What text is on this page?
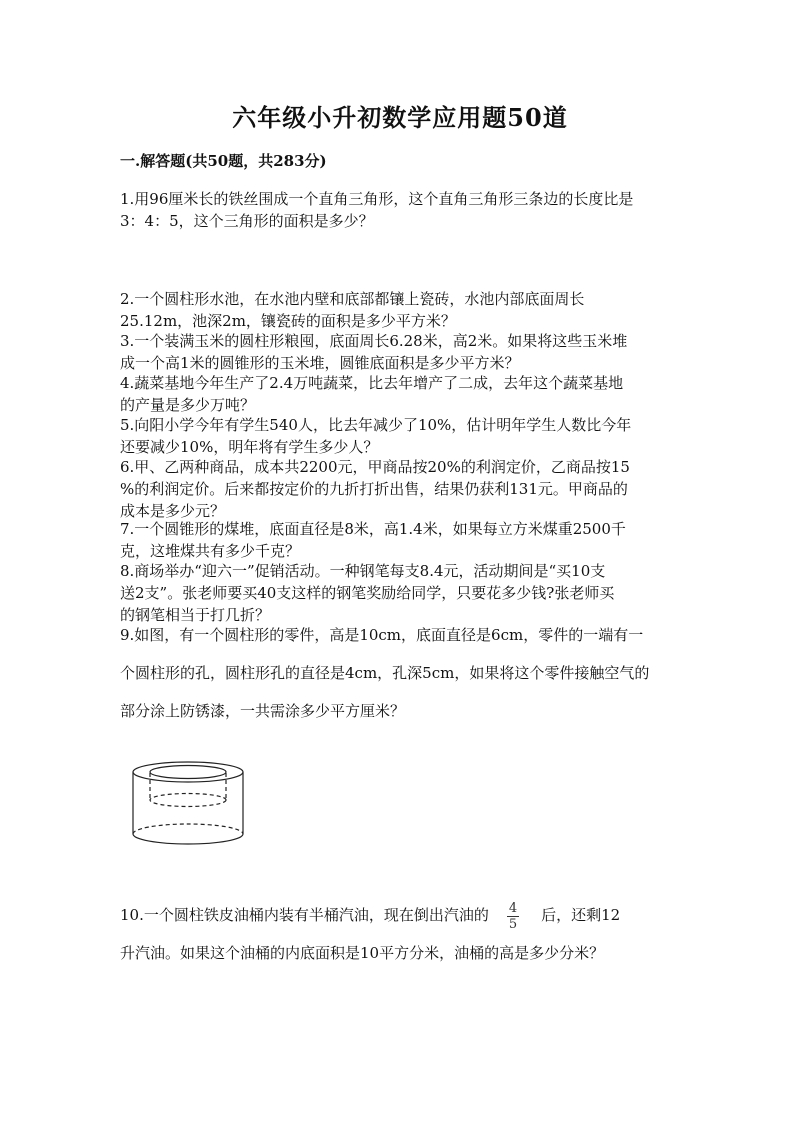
六年级小升初数学应用题50道

一.解答题(共50题，共283分)

1.用96厘米长的铁丝围成一个直角三角形，这个直角三角形三条边的长度比是
3：4：5，这个三角形的面积是多少？

2.一个圆柱形水池，在水池内壁和底部都镶上瓷砖，水池内部底面周长
25.12m，池深2m，镶瓷砖的面积是多少平方米？

3.一个装满玉米的圆柱形粮囤，底面周长6.28米，高2米。如果将这些玉米堆
成一个高1米的圆锥形的玉米堆，圆锥底面积是多少平方米？

4.蔬菜基地今年生产了2.4万吨蔬菜，比去年增产了二成，去年这个蔬菜基地
的产量是多少万吨？

5.向阳小学今年有学生540人，比去年减少了10%，估计明年学生人数比今年
还要减少10%，明年将有学生多少人？

6.甲、乙两种商品，成本共2200元，甲商品按20%的利润定价，乙商品按15
%的利润定价。后来都按定价的九折打折出售，结果仍获利131元。甲商品的
成本是多少元？

7.一个圆锥形的煤堆，底面直径是8米，高1.4米，如果每立方米煤重2500千
克，这堆煤共有多少千克？

8.商场举办“迎六一”促销活动。一种钢笔每支8.4元，活动期间是“买10支
送2支”。张老师要买40支这样的钢笔奖励给同学，只要花多少钱?张老师买
的钢笔相当于打几折？

9.如图，有一个圆柱形的零件，高是10cm，底面直径是6cm，零件的一端有一
个圆柱形的孔，圆柱形孔的直径是4cm，孔深5cm，如果将这个零件接触空气的
部分涂上防锈漆，一共需涂多少平方厘米？

10.一个圆柱铁皮油桶内装有半桶汽油，现在倒出汽油的 $\frac{4}{5}$ 后，还剩12
升汽油。如果这个油桶的内底面积是10平方分米，油桶的高是多少分米？
